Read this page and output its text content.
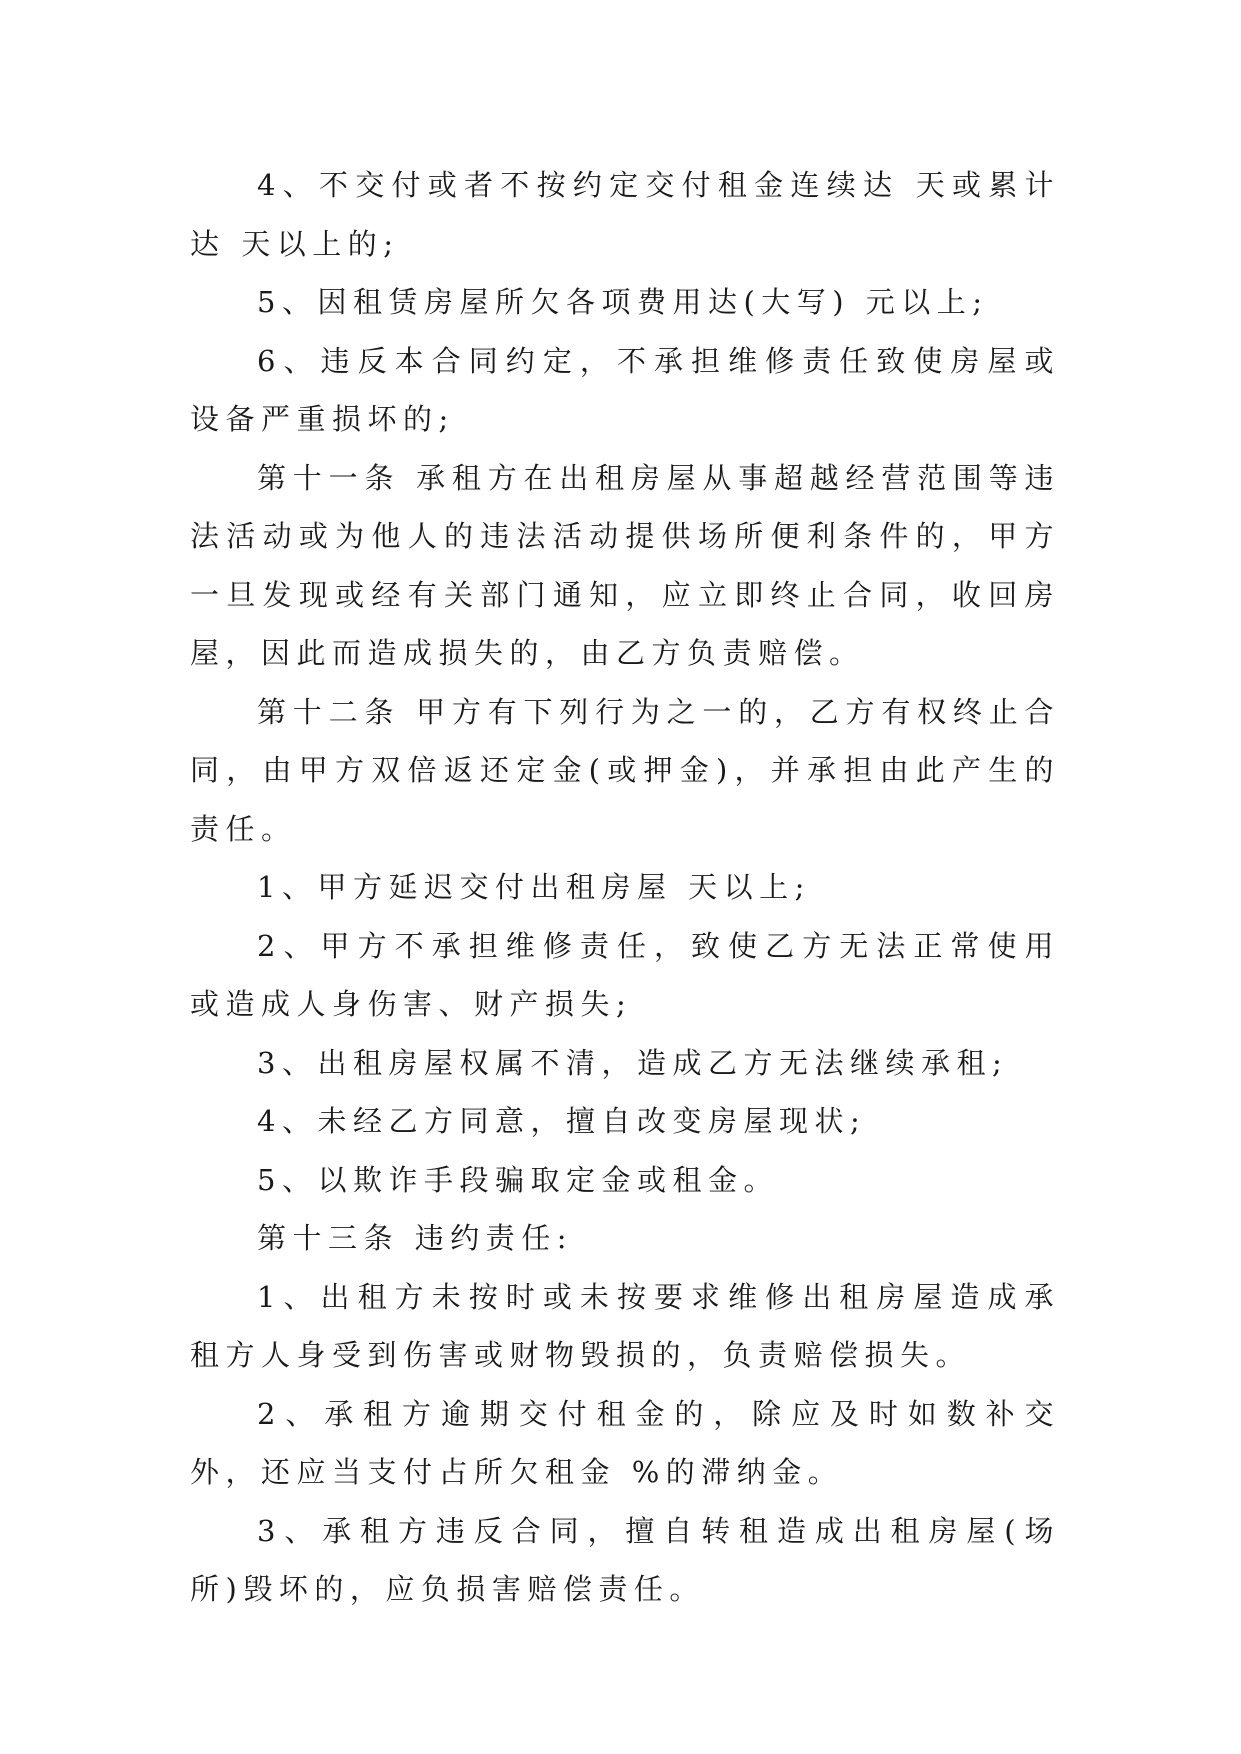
4、不交付或者不按约定交付租金连续达 天或累计达 天以上的;

5、因租赁房屋所欠各项费用达(大写) 元以上;

6、违反本合同约定，不承担维修责任致使房屋或设备严重损坏的;

第十一条 承租方在出租房屋从事超越经营范围等违法活动或为他人的违法活动提供场所便利条件的，甲方一旦发现或经有关部门通知，应立即终止合同，收回房屋，因此而造成损失的，由乙方负责赔偿。

第十二条 甲方有下列行为之一的，乙方有权终止合同，由甲方双倍返还定金(或押金)，并承担由此产生的责任。

1、甲方延迟交付出租房屋 天以上;

2、甲方不承担维修责任，致使乙方无法正常使用或造成人身伤害、财产损失;

3、出租房屋权属不清，造成乙方无法继续承租;

4、未经乙方同意，擅自改变房屋现状;

5、以欺诈手段骗取定金或租金。

第十三条 违约责任:

1、出租方未按时或未按要求维修出租房屋造成承租方人身受到伤害或财物毁损的，负责赔偿损失。

2、承租方逾期交付租金的，除应及时如数补交外，还应当支付占所欠租金 %的滞纳金。

3、承租方违反合同，擅自转租造成出租房屋(场所)毁坏的，应负损害赔偿责任。
